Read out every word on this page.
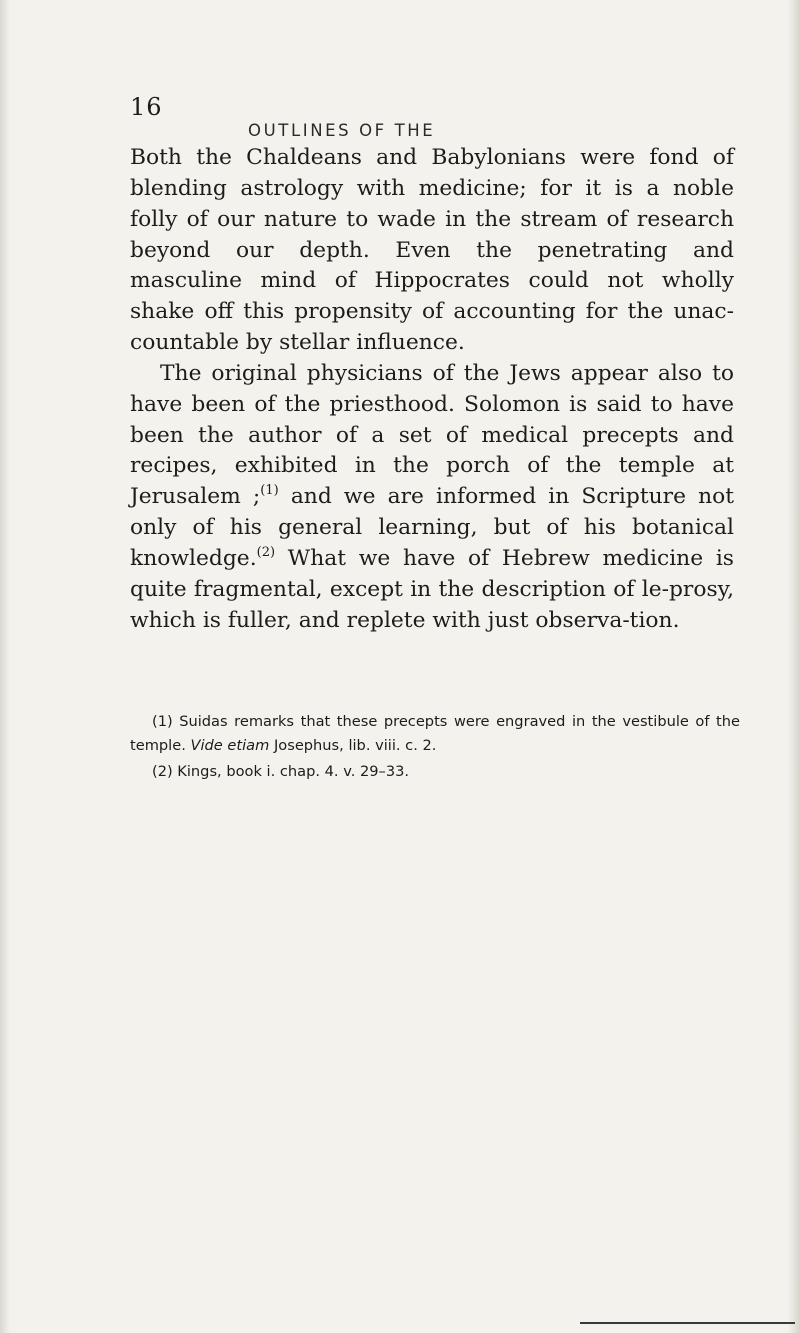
16
OUTLINES OF THE

Both the Chaldeans and Babylonians were fond of blending astrology with medicine; for it is a noble folly of our nature to wade in the stream of research beyond our depth. Even the penetrating and masculine mind of Hippocrates could not wholly shake off this propensity of accounting for the unac-countable by stellar influence.

The original physicians of the Jews appear also to have been of the priesthood. Solomon is said to have been the author of a set of medical precepts and recipes, exhibited in the porch of the temple at Jerusalem ;$^{(1)}$ and we are informed in Scripture not only of his general learning, but of his botanical knowledge.$^{(2)}$ What we have of Hebrew medicine is quite fragmental, except in the description of le-prosy, which is fuller, and replete with just observa-tion.

(1) Suidas remarks that these precepts were engraved in the vestibule of the temple. Vide etiam Josephus, lib. viii. c. 2.

(2) Kings, book i. chap. 4. v. 29–33.
